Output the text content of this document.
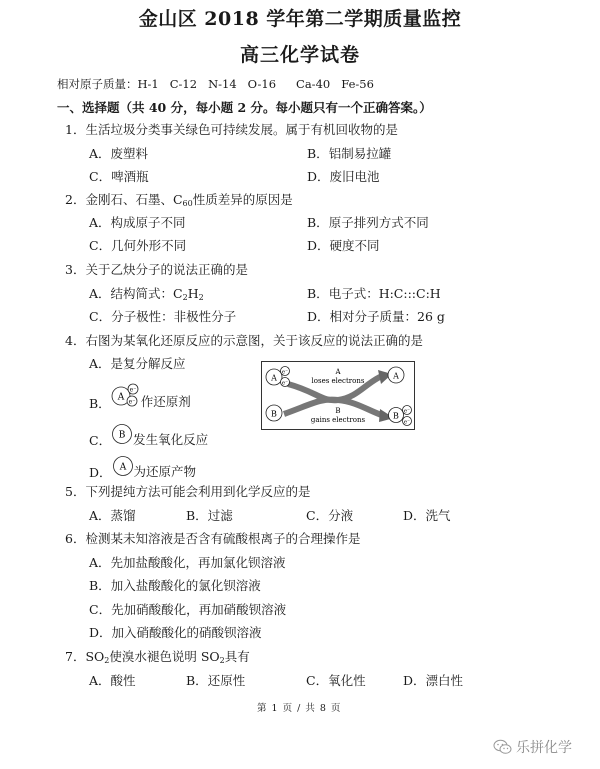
金山区 2018 学年第二学期质量监控
高三化学试卷
相对原子质量：H-1 C-12 N-14 O-16 Ca-40 Fe-56
一、选择题（共 40 分，每小题 2 分。每小题只有一个正确答案。）
1．生活垃圾分类事关绿色可持续发展。属于有机回收物的是
A．废塑料	B．铝制易拉罐
C．啤酒瓶	D．废旧电池
2．金刚石、石墨、$C_{60}$性质差异的原因是
A．构成原子不同	B．原子排列方式不同
C．几何外形不同	D．硬度不同
3．关于乙炔分子的说法正确的是
A．结构简式：$C_2H_2$	B．电子式：H:C:::C:H
C．分子极性：非极性分子	D．相对分子质量：26 g
4．右图为某氧化还原反应的示意图，关于该反应的说法正确的是
A．是复分解反应
B． A
e⁻
e⁻ 作还原剂
C． B 发生氧化反应
D． A 为还原产物
A
e⁻
e⁻
B
A
B e⁻
e⁻
A
loses electrons
B
gains electrons
5．下列提纯方法可能会利用到化学反应的是
A．蒸馏	B．过滤	C．分液	D．洗气
6．检测某未知溶液是否含有硫酸根离子的合理操作是
A．先加盐酸酸化，再加氯化钡溶液
B．加入盐酸酸化的氯化钡溶液
C．先加硝酸酸化，再加硝酸钡溶液
D．加入硝酸酸化的硝酸钡溶液
7．$SO_2$使溴水褪色说明 $SO_2$具有
A．酸性	B．还原性	C．氧化性	D．漂白性
第 1 页 / 共 8 页
乐拼化学
